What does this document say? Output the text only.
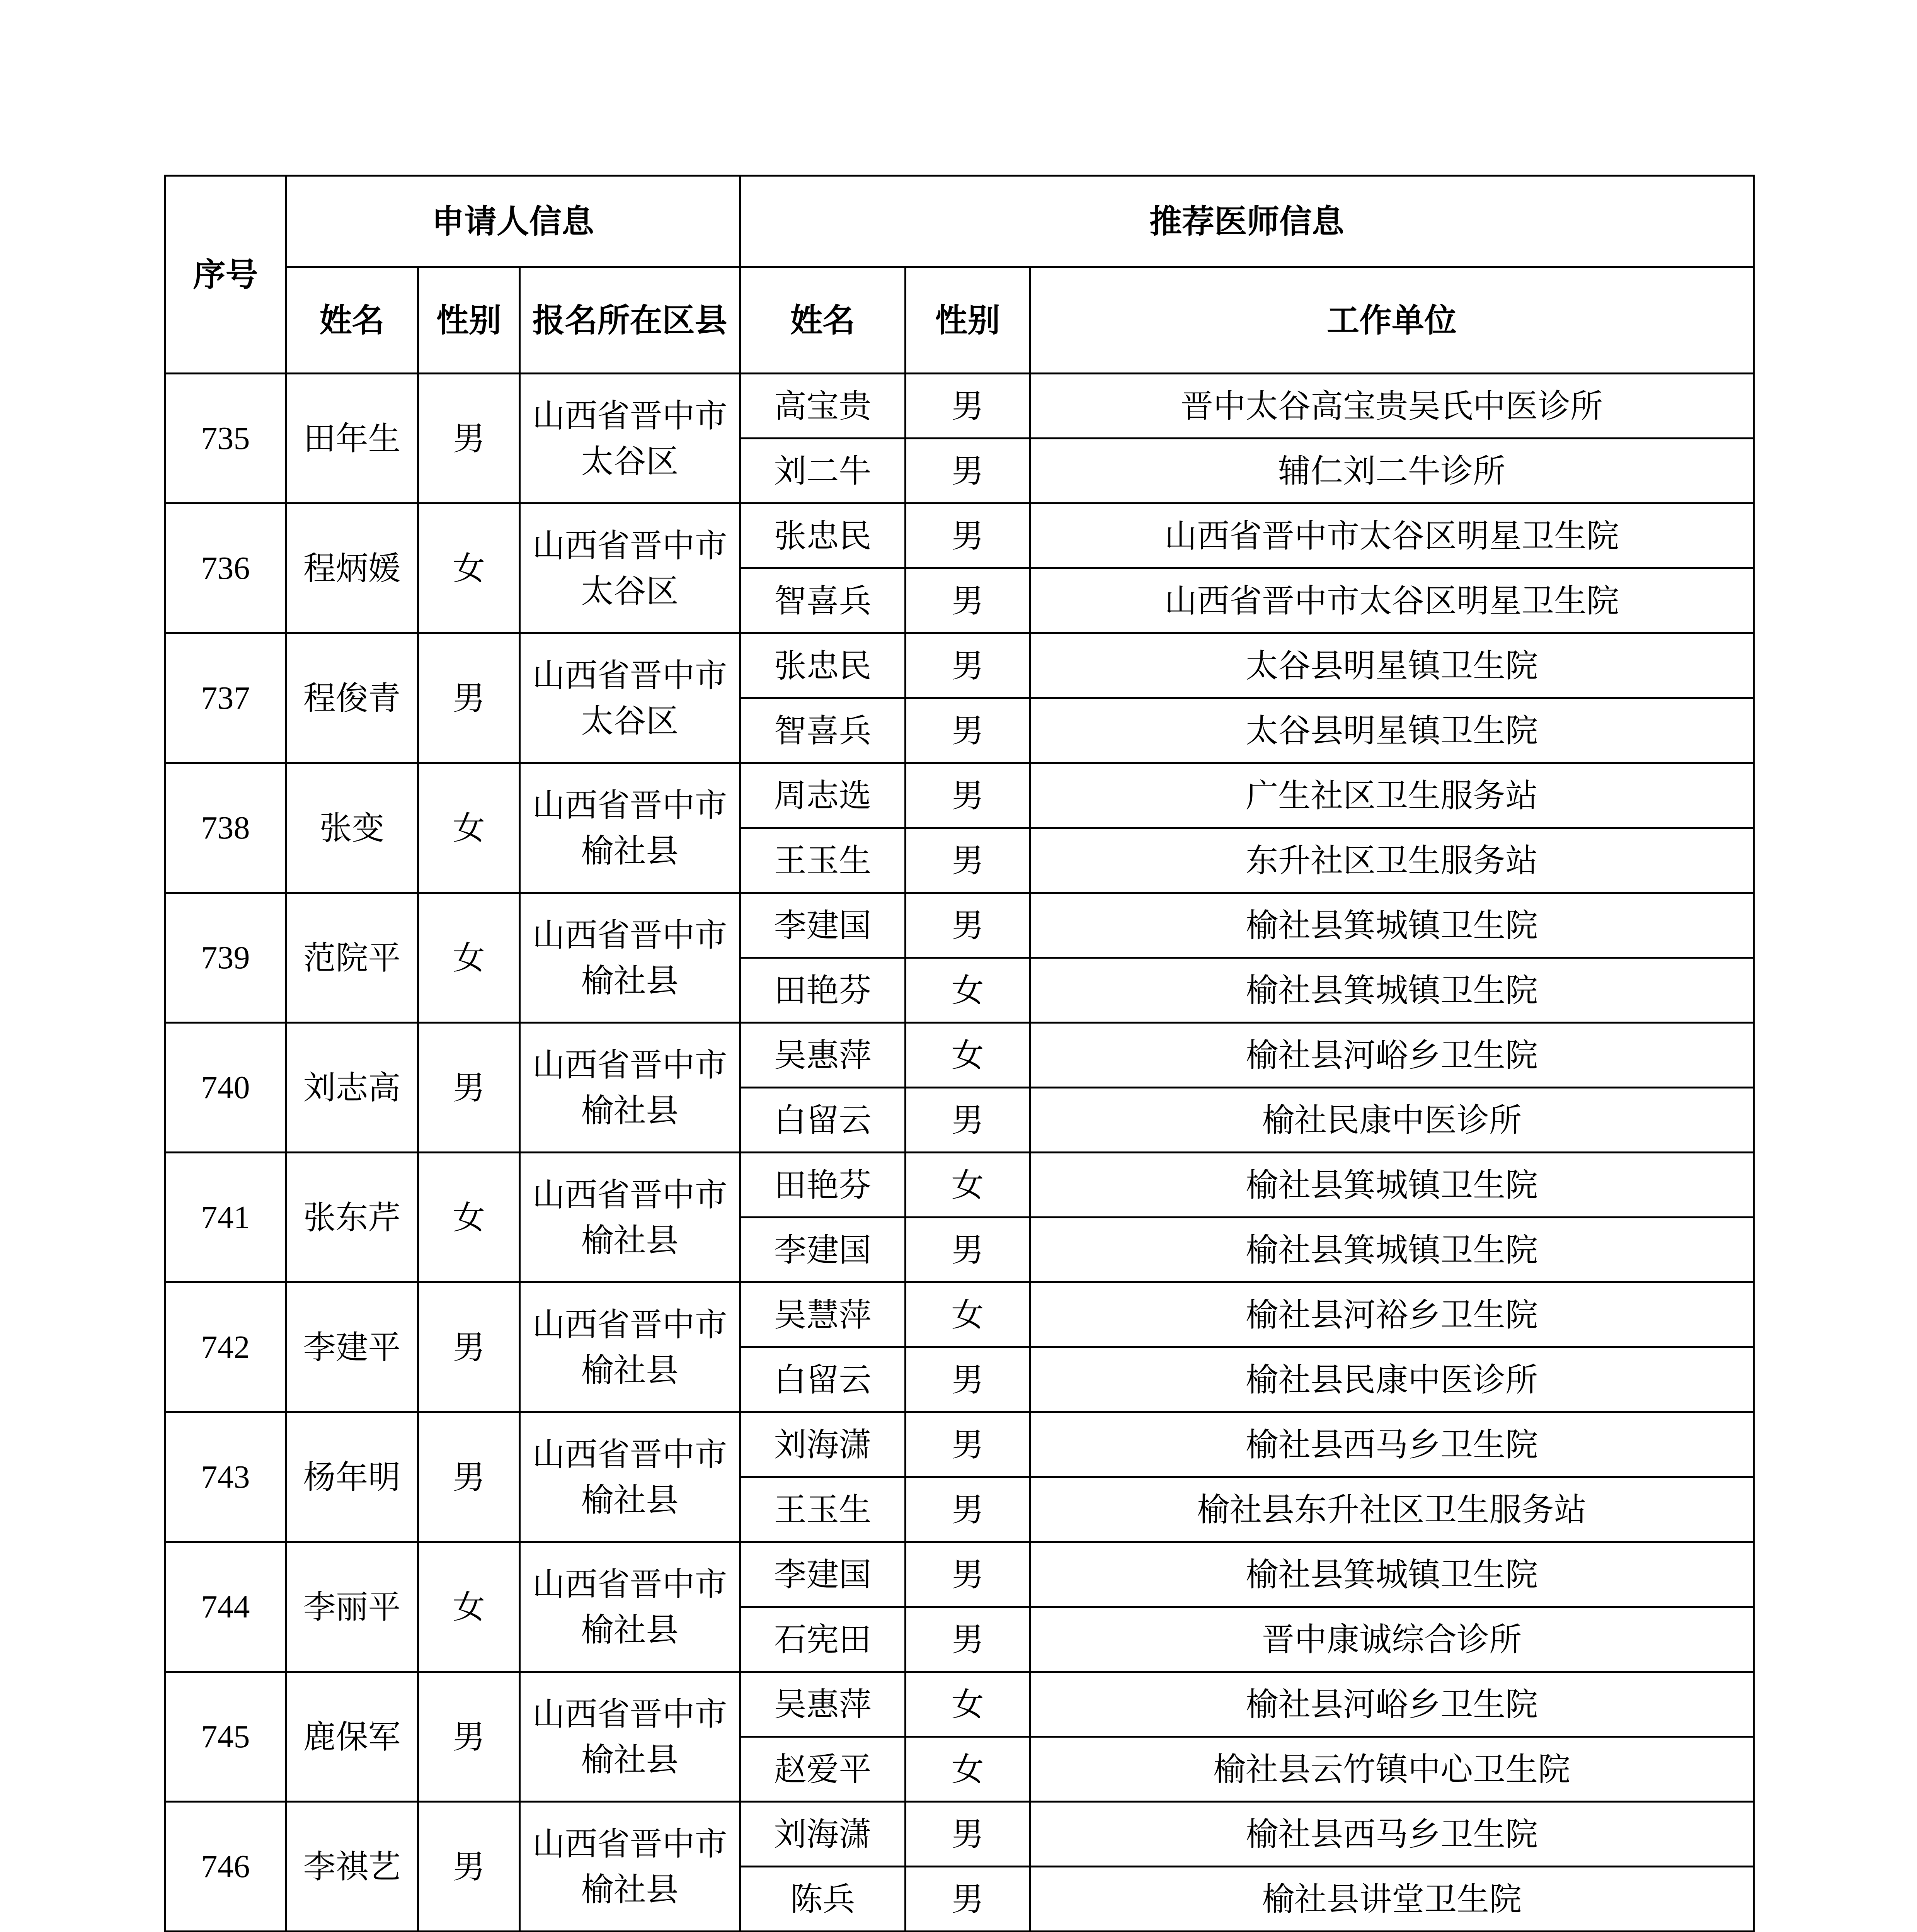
序号	申请人信息			推荐医师信息		
	姓名	性别	报名所在区县	姓名	性别	工作单位
735	田年生	男	山西省晋中市太谷区	高宝贵	男	晋中太谷高宝贵吴氏中医诊所
				刘二牛	男	辅仁刘二牛诊所
736	程炳媛	女	山西省晋中市太谷区	张忠民	男	山西省晋中市太谷区明星卫生院
				智喜兵	男	山西省晋中市太谷区明星卫生院
737	程俊青	男	山西省晋中市太谷区	张忠民	男	太谷县明星镇卫生院
				智喜兵	男	太谷县明星镇卫生院
738	张变	女	山西省晋中市榆社县	周志选	男	广生社区卫生服务站
				王玉生	男	东升社区卫生服务站
739	范院平	女	山西省晋中市榆社县	李建国	男	榆社县箕城镇卫生院
				田艳芬	女	榆社县箕城镇卫生院
740	刘志高	男	山西省晋中市榆社县	吴惠萍	女	榆社县河峪乡卫生院
				白留云	男	榆社民康中医诊所
741	张东芹	女	山西省晋中市榆社县	田艳芬	女	榆社县箕城镇卫生院
				李建国	男	榆社县箕城镇卫生院
742	李建平	男	山西省晋中市榆社县	吴慧萍	女	榆社县河裕乡卫生院
				白留云	男	榆社县民康中医诊所
743	杨年明	男	山西省晋中市榆社县	刘海潇	男	榆社县西马乡卫生院
				王玉生	男	榆社县东升社区卫生服务站
744	李丽平	女	山西省晋中市榆社县	李建国	男	榆社县箕城镇卫生院
				石宪田	男	晋中康诚综合诊所
745	鹿保军	男	山西省晋中市榆社县	吴惠萍	女	榆社县河峪乡卫生院
				赵爱平	女	榆社县云竹镇中心卫生院
746	李祺艺	男	山西省晋中市榆社县	刘海潇	男	榆社县西马乡卫生院
				陈兵	男	榆社县讲堂卫生院
